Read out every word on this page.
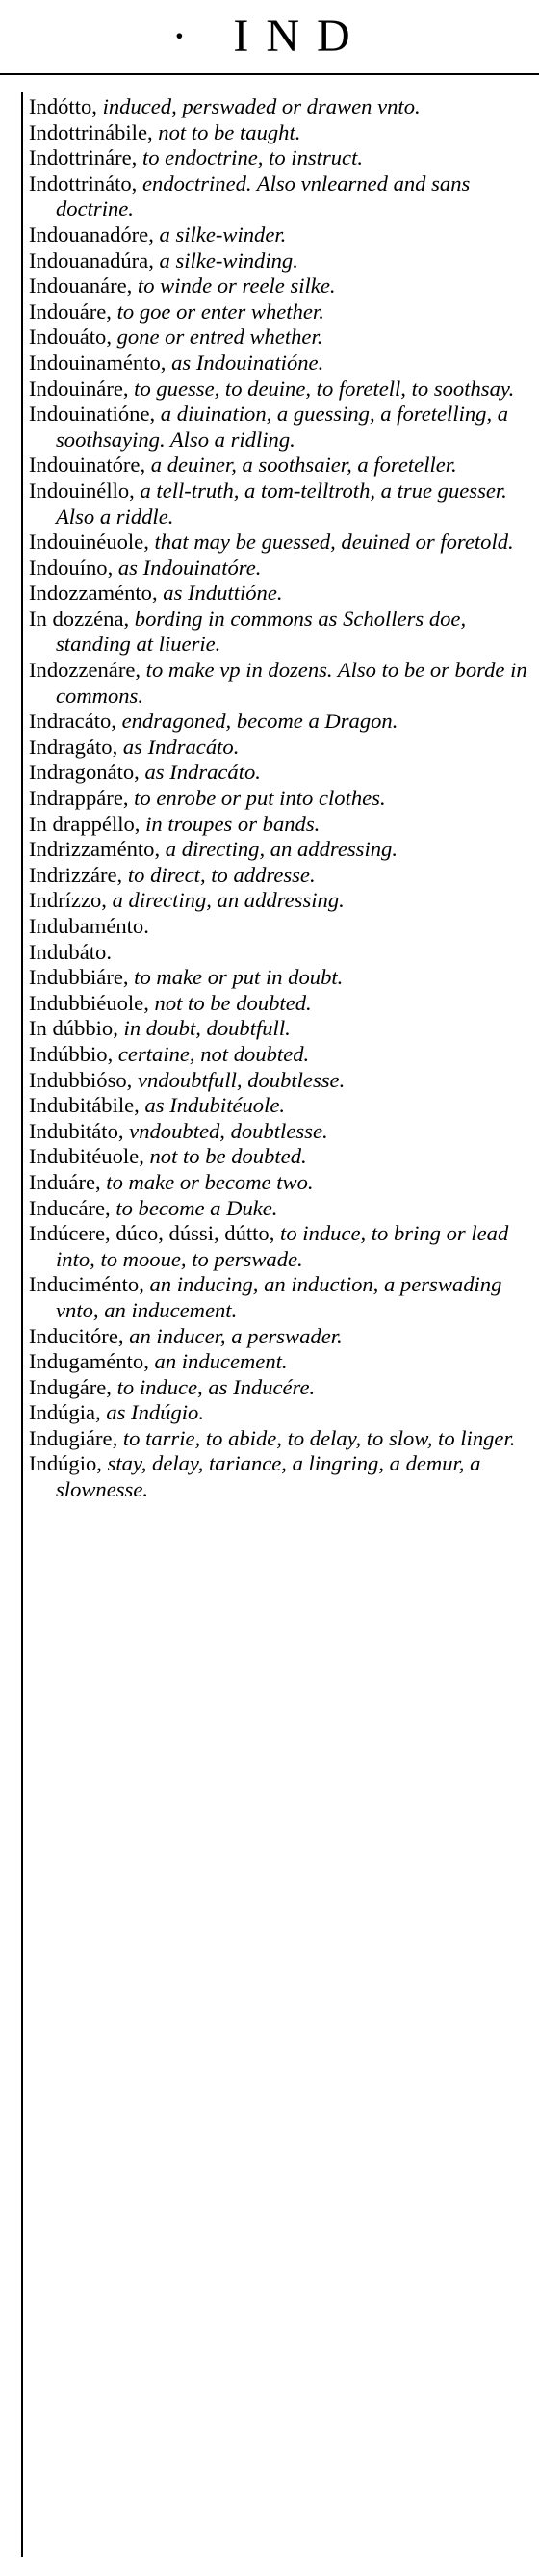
· IND
Indótto, induced, perswaded or drawen vnto.
Indottrinábile, not to be taught.
Indottrináre, to endoctrine, to instruct.
Indottrináto, endoctrined. Also vnlearned and sans doctrine.
Indouanadóre, a silke-winder.
Indouanadúra, a silke-winding.
Indouanáre, to winde or reele silke.
Indouáre, to goe or enter whether.
Indouáto, gone or entred whether.
Indouinaménto, as Indouinatióne.
Indouináre, to guesse, to deuine, to foretell, to soothsay.
Indouinatióne, a diuination, a guessing, a foretelling, a soothsaying. Also a ridling.
Indouinatóre, a deuiner, a soothsaier, a foreteller.
Indouinéllo, a tell-truth, a tom-telltroth, a true guesser. Also a riddle.
Indouinéuole, that may be guessed, deuined or foretold.
Indouíno, as Indouinatóre.
Indozzaménto, as Induttióne.
In dozzéna, bording in commons as Schollers doe, standing at liuerie.
Indozzenáre, to make vp in dozens. Also to be or borde in commons.
Indracáto, endragoned, become a Dragon.
Indragáto, as Indracáto.
Indragonáto, as Indracáto.
Indrappáre, to enrobe or put into clothes.
In drappéllo, in troupes or bands.
Indrizzaménto, a directing, an addressing.
Indrizzáre, to direct, to addresse.
Indrízzo, a directing, an addressing.
Indubaménto.
Indubáto.
Indubbiáre, to make or put in doubt.
Indubbiéuole, not to be doubted.
In dúbbio, in doubt, doubtfull.
Indúbbio, certaine, not doubted.
Indubbióso, vndoubtfull, doubtlesse.
Indubitábile, as Indubitéuole.
Indubitáto, vndoubted, doubtlesse.
Indubitéuole, not to be doubted.
Induáre, to make or become two.
Inducáre, to become a Duke.
Indúcere, dúco, dússi, dútto, to induce, to bring or lead into, to mooue, to perswade.
Induciménto, an inducing, an induction, a perswading vnto, an inducement.
Inducitóre, an inducer, a perswader.
Indugaménto, an inducement.
Indugáre, to induce, as Inducére.
Indúgia, as Indúgio.
Indugiáre, to tarrie, to abide, to delay, to slow, to linger.
Indúgio, stay, delay, tariance, a lingring, a demur, a slownesse.
